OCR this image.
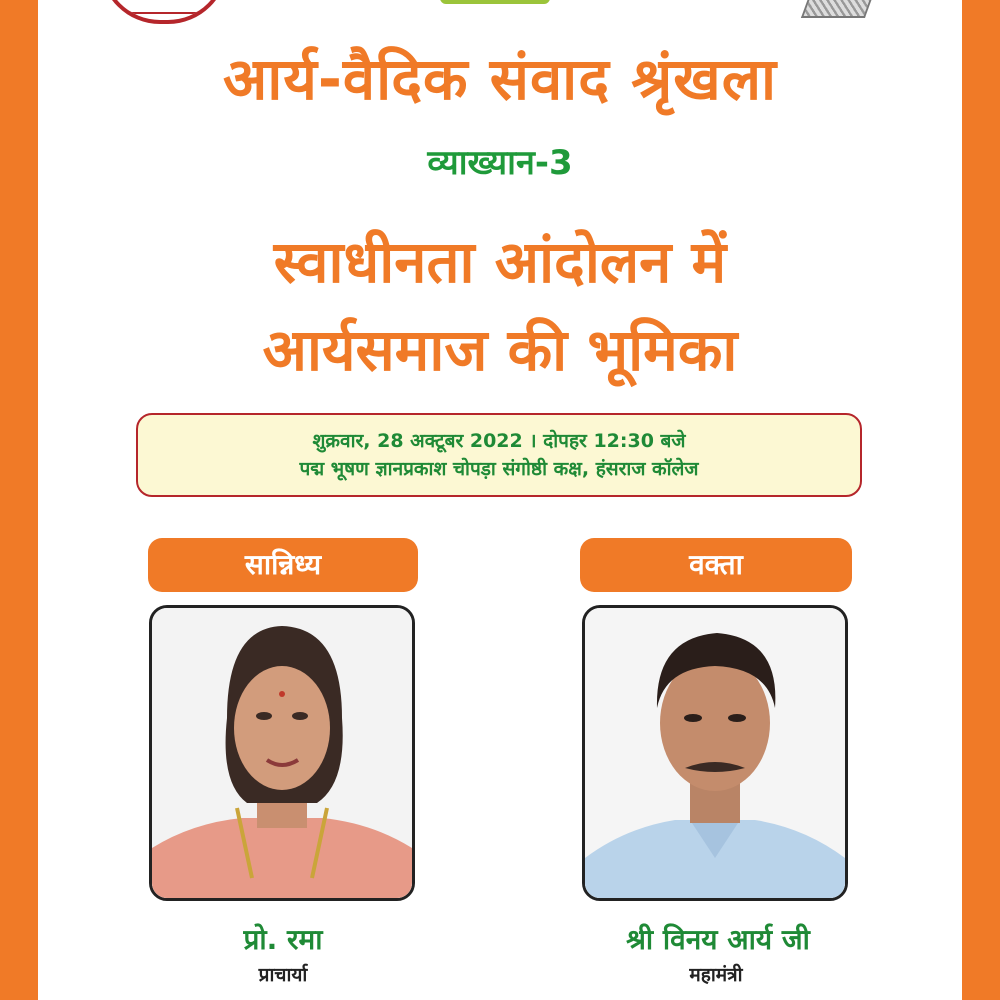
आर्य-वैदिक संवाद श्रृंखला
व्याख्यान-3
स्वाधीनता आंदोलन में
आर्यसमाज की भूमिका
शुक्रवार, 28 अक्टूबर 2022 । दोपहर 12:30 बजे
पद्म भूषण ज्ञानप्रकाश चोपड़ा संगोष्ठी कक्ष, हंसराज कॉलेज
सान्निध्य	वक्ता
प्रो. रमा	श्री विनय आर्य जी
प्राचार्या	महामंत्री
